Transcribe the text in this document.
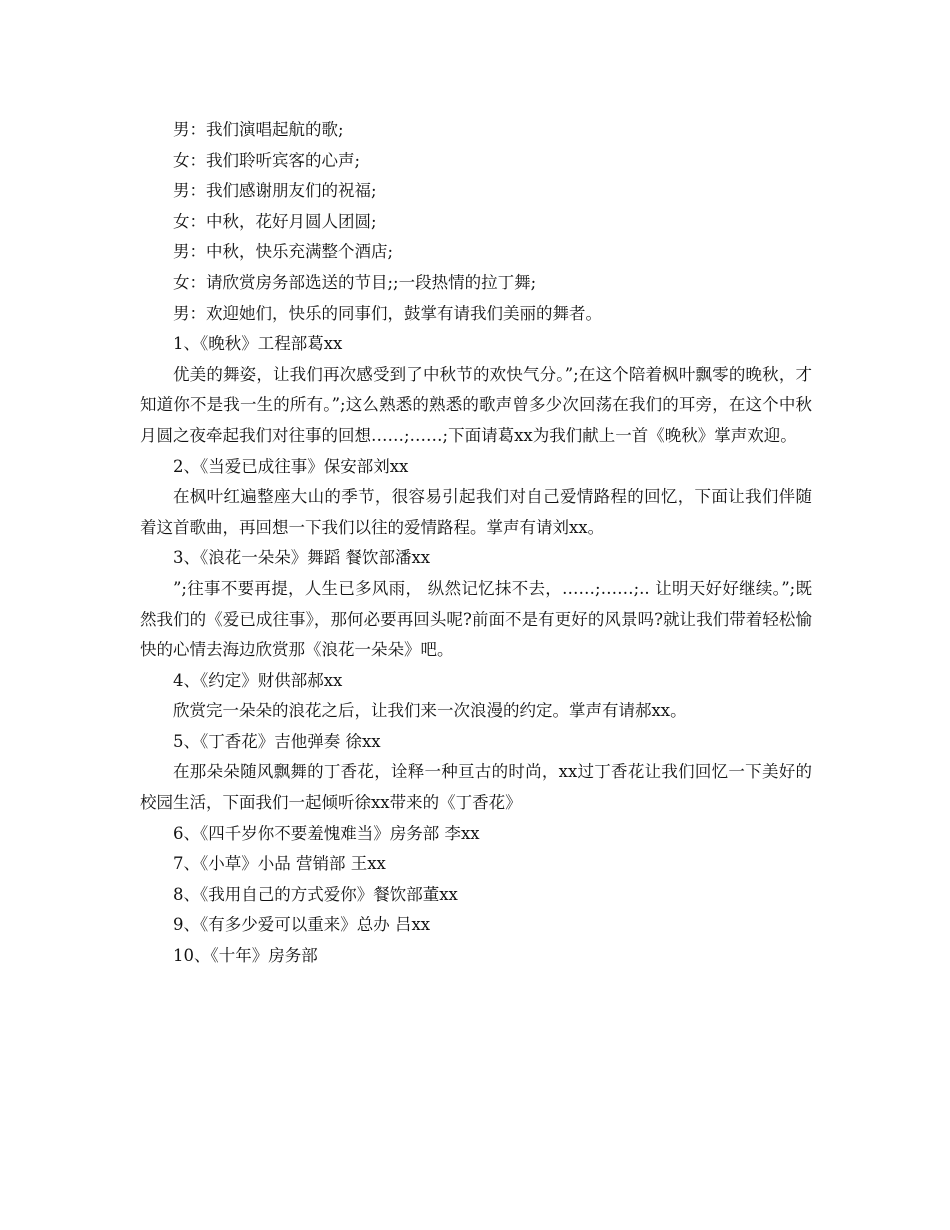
男：我们演唱起航的歌;

女：我们聆听宾客的心声;

男：我们感谢朋友们的祝福;

女：中秋，花好月圆人团圆;

男：中秋，快乐充满整个酒店;

女：请欣赏房务部选送的节目;;一段热情的拉丁舞;

男：欢迎她们，快乐的同事们，鼓掌有请我们美丽的舞者。

1、《晚秋》工程部葛xx

优美的舞姿，让我们再次感受到了中秋节的欢快气分。”;在这个陪着枫叶飘零的晚秋，才知道你不是我一生的所有。”;这么熟悉的熟悉的歌声曾多少次回荡在我们的耳旁，在这个中秋月圆之夜牵起我们对往事的回想……;……;下面请葛xx为我们献上一首《晚秋》掌声欢迎。

2、《当爱已成往事》保安部刘xx

在枫叶红遍整座大山的季节，很容易引起我们对自己爱情路程的回忆，下面让我们伴随着这首歌曲，再回想一下我们以往的爱情路程。掌声有请刘xx。

3、《浪花一朵朵》舞蹈 餐饮部潘xx

”;往事不要再提，人生已多风雨， 纵然记忆抹不去，……;……;.. 让明天好好继续。”;既然我们的《爱已成往事》，那何必要再回头呢?前面不是有更好的风景吗?就让我们带着轻松愉快的心情去海边欣赏那《浪花一朵朵》吧。

4、《约定》财供部郝xx

欣赏完一朵朵的浪花之后，让我们来一次浪漫的约定。掌声有请郝xx。

5、《丁香花》吉他弹奏 徐xx

在那朵朵随风飘舞的丁香花，诠释一种亘古的时尚，xx过丁香花让我们回忆一下美好的校园生活，下面我们一起倾听徐xx带来的《丁香花》

6、《四千岁你不要羞愧难当》房务部 李xx

7、《小草》小品 营销部 王xx

8、《我用自己的方式爱你》餐饮部董xx

9、《有多少爱可以重来》总办 吕xx

10、《十年》房务部
